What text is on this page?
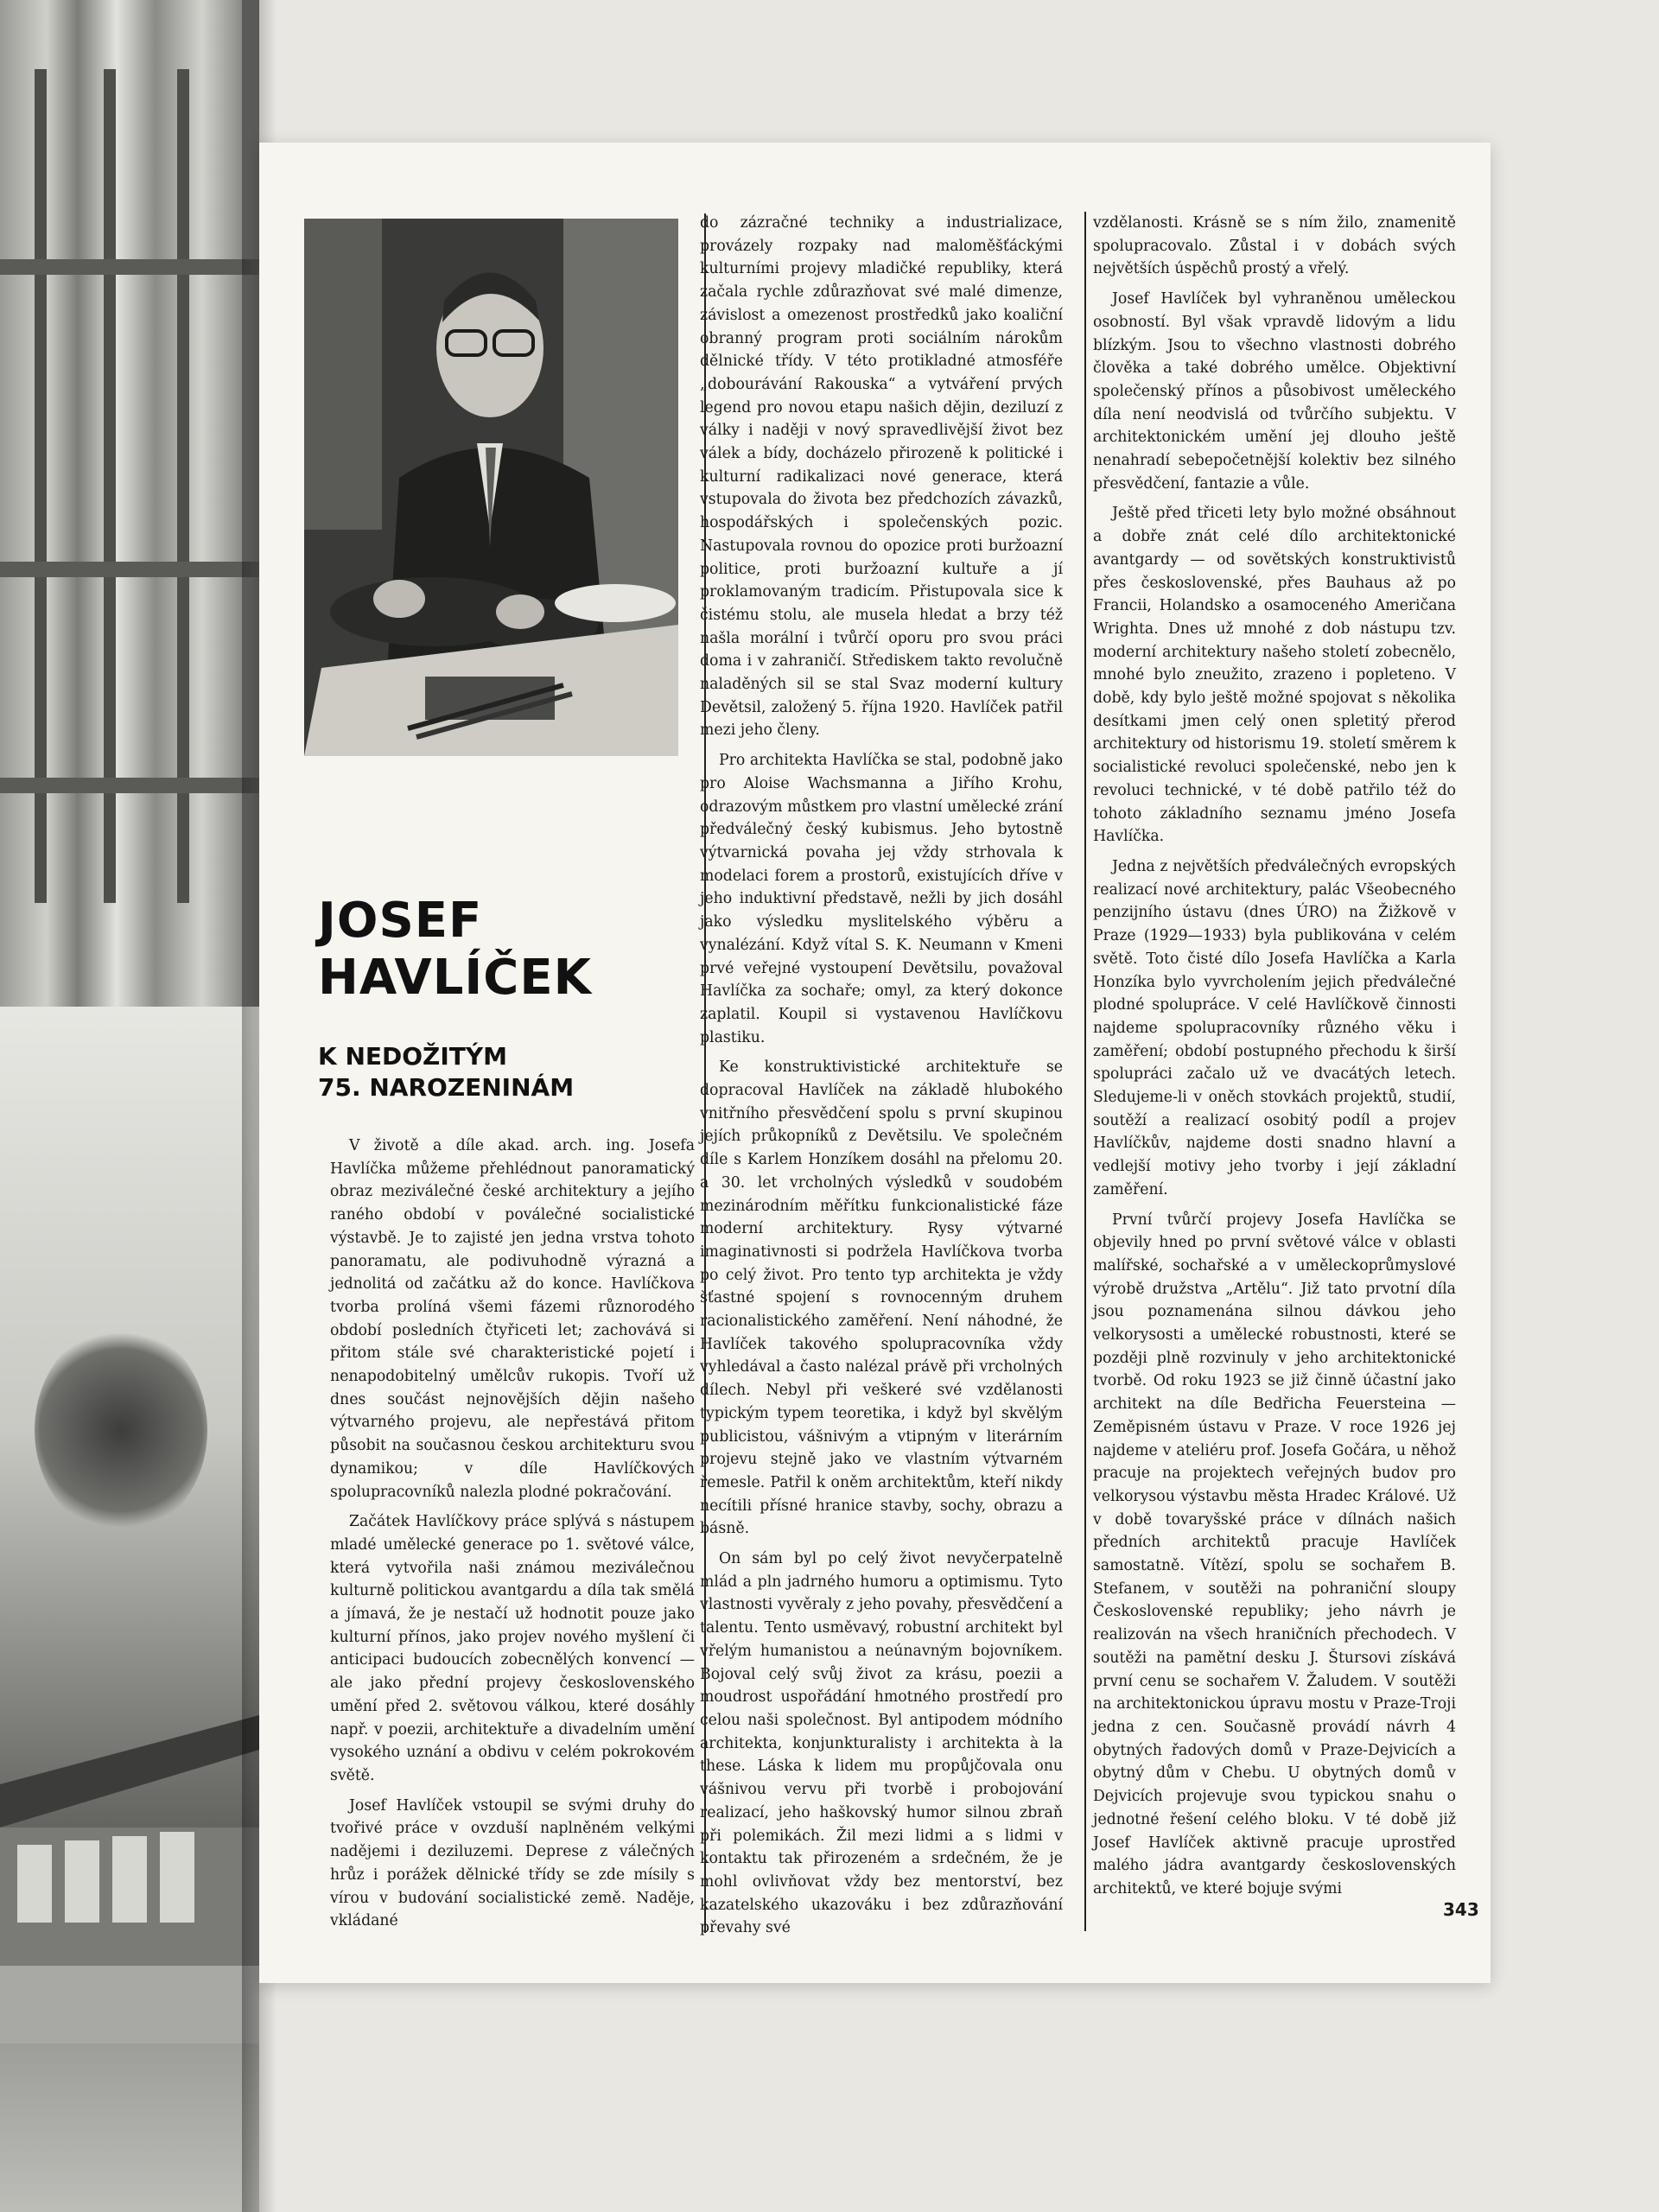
JOSEF
HAVLÍČEK
K NEDOŽITÝM
75. NAROZENINÁM

V životě a díle akad. arch. ing. Josefa Havlíčka můžeme přehlédnout panoramatický obraz meziválečné české architektury a jejího raného období v poválečné socialistické výstavbě. Je to zajisté jen jedna vrstva tohoto panoramatu, ale podivuhodně výrazná a jednolitá od začátku až do konce. Havlíčkova tvorba prolíná všemi fázemi různorodého období posledních čtyřiceti let; zachovává si přitom stále své charakteristické pojetí i nenapodobitelný umělcův rukopis. Tvoří už dnes součást nejnovějších dějin našeho výtvarného projevu, ale nepřestává přitom působit na současnou českou architekturu svou dynamikou; v díle Havlíčkových spolupracovníků nalezla plodné pokračování.

Začátek Havlíčkovy práce splývá s nástupem mladé umělecké generace po 1. světové válce, která vytvořila naši známou meziválečnou kulturně politickou avantgardu a díla tak smělá a jímavá, že je nestačí už hodnotit pouze jako kulturní přínos, jako projev nového myšlení či anticipaci budoucích zobecnělých konvencí — ale jako přední projevy československého umění před 2. světovou válkou, které dosáhly např. v poezii, architektuře a divadelním umění vysokého uznání a obdivu v celém pokrokovém světě.

Josef Havlíček vstoupil se svými druhy do tvořivé práce v ovzduší naplněném velkými nadějemi i deziluzemi. Deprese z válečných hrůz i porážek dělnické třídy se zde mísily s vírou v budování socialistické země. Naděje, vkládané

do zázračné techniky a industrializace, provázely rozpaky nad maloměšťáckými kulturními projevy mladičké republiky, která začala rychle zdůrazňovat své malé dimenze, závislost a omezenost prostředků jako koaliční obranný program proti sociálním nárokům dělnické třídy. V této protikladné atmosféře „dobourávání Rakouska“ a vytváření prvých legend pro novou etapu našich dějin, deziluzí z války i naději v nový spravedlivější život bez válek a bídy, docházelo přirozeně k politické i kulturní radikalizaci nové generace, která vstupovala do života bez předchozích závazků, hospodářských i společenských pozic. Nastupovala rovnou do opozice proti buržoazní politice, proti buržoazní kultuře a jí proklamovaným tradicím. Přistupovala sice k čistému stolu, ale musela hledat a brzy též našla morální i tvůrčí oporu pro svou práci doma i v zahraničí. Střediskem takto revolučně naladěných sil se stal Svaz moderní kultury Devětsil, založený 5. října 1920. Havlíček patřil mezi jeho členy.

Pro architekta Havlíčka se stal, podobně jako pro Aloise Wachsmanna a Jiřího Krohu, odrazovým můstkem pro vlastní umělecké zrání předválečný český kubismus. Jeho bytostně výtvarnická povaha jej vždy strhovala k modelaci forem a prostorů, existujících dříve v jeho induktivní představě, nežli by jich dosáhl jako výsledku myslitelského výběru a vynalézání. Když vítal S. K. Neumann v Kmeni prvé veřejné vystoupení Devětsilu, považoval Havlíčka za sochaře; omyl, za který dokonce zaplatil. Koupil si vystavenou Havlíčkovu plastiku.

Ke konstruktivistické architektuře se dopracoval Havlíček na základě hlubokého vnitřního přesvědčení spolu s první skupinou jejích průkopníků z Devětsilu. Ve společném díle s Karlem Honzíkem dosáhl na přelomu 20. a 30. let vrcholných výsledků v soudobém mezinárodním měřítku funkcionalistické fáze moderní architektury. Rysy výtvarné imaginativnosti si podržela Havlíčkova tvorba po celý život. Pro tento typ architekta je vždy šťastné spojení s rovnocenným druhem racionalistického zaměření. Není náhodné, že Havlíček takového spolupracovníka vždy vyhledával a často nalézal právě při vrcholných dílech. Nebyl při veškeré své vzdělanosti typickým typem teoretika, i když byl skvělým publicistou, vášnivým a vtipným v literárním projevu stejně jako ve vlastním výtvarném řemesle. Patřil k oněm architektům, kteří nikdy necítili přísné hranice stavby, sochy, obrazu a básně.

On sám byl po celý život nevyčerpatelně mlád a pln jadrného humoru a optimismu. Tyto vlastnosti vyvěraly z jeho povahy, přesvědčení a talentu. Tento usměvavý, robustní architekt byl vřelým humanistou a neúnavným bojovníkem. Bojoval celý svůj život za krásu, poezii a moudrost uspořádání hmotného prostředí pro celou naši společnost. Byl antipodem módního architekta, konjunkturalisty i architekta à la these. Láska k lidem mu propůjčovala onu vášnivou vervu při tvorbě i probojování realizací, jeho haškovský humor silnou zbraň při polemikách. Žil mezi lidmi a s lidmi v kontaktu tak přirozeném a srdečném, že je mohl ovlivňovat vždy bez mentorství, bez kazatelského ukazováku i bez zdůrazňování převahy své

vzdělanosti. Krásně se s ním žilo, znamenitě spolupracovalo. Zůstal i v dobách svých největších úspěchů prostý a vřelý.

Josef Havlíček byl vyhraněnou uměleckou osobností. Byl však vpravdě lidovým a lidu blízkým. Jsou to všechno vlastnosti dobrého člověka a také dobrého umělce. Objektivní společenský přínos a působivost uměleckého díla není neodvislá od tvůrčího subjektu. V architektonickém umění jej dlouho ještě nenahradí sebepočetnější kolektiv bez silného přesvědčení, fantazie a vůle.

Ještě před třiceti lety bylo možné obsáhnout a dobře znát celé dílo architektonické avantgardy — od sovětských konstruktivistů přes československé, přes Bauhaus až po Francii, Holandsko a osamoceného Američana Wrighta. Dnes už mnohé z dob nástupu tzv. moderní architektury našeho století zobecnělo, mnohé bylo zneužito, zrazeno i popleteno. V době, kdy bylo ještě možné spojovat s několika desítkami jmen celý onen spletitý přerod architektury od historismu 19. století směrem k socialistické revoluci společenské, nebo jen k revoluci technické, v té době patřilo též do tohoto základního seznamu jméno Josefa Havlíčka.

Jedna z největších předválečných evropských realizací nové architektury, palác Všeobecného penzijního ústavu (dnes ÚRO) na Žižkově v Praze (1929—1933) byla publikována v celém světě. Toto čisté dílo Josefa Havlíčka a Karla Honzíka bylo vyvrcholením jejich předválečné plodné spolupráce. V celé Havlíčkově činnosti najdeme spolupracovníky různého věku i zaměření; období postupného přechodu k širší spolupráci začalo už ve dvacátých letech. Sledujeme-li v oněch stovkách projektů, studií, soutěží a realizací osobitý podíl a projev Havlíčkův, najdeme dosti snadno hlavní a vedlejší motivy jeho tvorby i její základní zaměření.

První tvůrčí projevy Josefa Havlíčka se objevily hned po první světové válce v oblasti malířské, sochařské a v uměleckoprůmyslové výrobě družstva „Artělu“. Již tato prvotní díla jsou poznamenána silnou dávkou jeho velkorysosti a umělecké robustnosti, které se později plně rozvinuly v jeho architektonické tvorbě. Od roku 1923 se již činně účastní jako architekt na díle Bedřicha Feuersteina — Zeměpisném ústavu v Praze. V roce 1926 jej najdeme v ateliéru prof. Josefa Gočára, u něhož pracuje na projektech veřejných budov pro velkorysou výstavbu města Hradec Králové. Už v době tovaryšské práce v dílnách našich předních architektů pracuje Havlíček samostatně. Vítězí, spolu se sochařem B. Stefanem, v soutěži na pohraniční sloupy Československé republiky; jeho návrh je realizován na všech hraničních přechodech. V soutěži na pamětní desku J. Štursovi získává první cenu se sochařem V. Žaludem. V soutěži na architektonickou úpravu mostu v Praze-Troji jedna z cen. Současně provádí návrh 4 obytných řadových domů v Praze-Dejvicích a obytný dům v Chebu. U obytných domů v Dejvicích projevuje svou typickou snahu o jednotné řešení celého bloku. V té době již Josef Havlíček aktivně pracuje uprostřed malého jádra avantgardy československých architektů, ve které bojuje svými

343
